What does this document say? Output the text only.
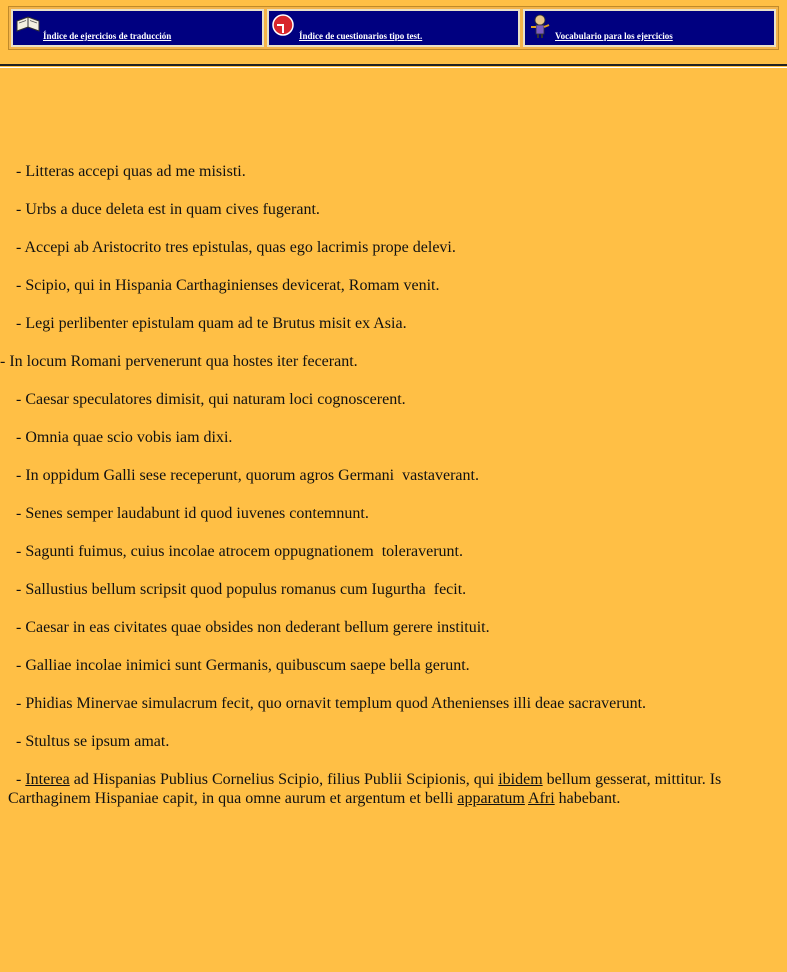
Índice de ejercicios de traducción	Índice de cuestionarios tipo test.	Vocabulario para los ejercicios

- Litteras accepi quas ad me misisti.

- Urbs a duce deleta est in quam cives fugerant.

- Accepi ab Aristocrito tres epistulas, quas ego lacrimis prope delevi.

- Scipio, qui in Hispania Carthaginienses devicerat, Romam venit.

- Legi perlibenter epistulam quam ad te Brutus misit ex Asia.

- In locum Romani pervenerunt qua hostes iter fecerant.

- Caesar speculatores dimisit, qui naturam loci cognoscerent.

- Omnia quae scio vobis iam dixi.

- In oppidum Galli sese receperunt, quorum agros Germani  vastaverant.

- Senes semper laudabunt id quod iuvenes contemnunt.

- Sagunti fuimus, cuius incolae atrocem oppugnationem  toleraverunt.

- Sallustius bellum scripsit quod populus romanus cum Iugurtha  fecit.

- Caesar in eas civitates quae obsides non dederant bellum gerere instituit.

- Galliae incolae inimici sunt Germanis, quibuscum saepe bella gerunt.

- Phidias Minervae simulacrum fecit, quo ornavit templum quod Athenienses illi deae sacraverunt.

- Stultus se ipsum amat.

- Interea ad Hispanias Publius Cornelius Scipio, filius Publii Scipionis, qui ibidem bellum gesserat, mittitur. Is Carthaginem Hispaniae capit, in qua omne aurum et argentum et belli apparatum Afri habebant.
